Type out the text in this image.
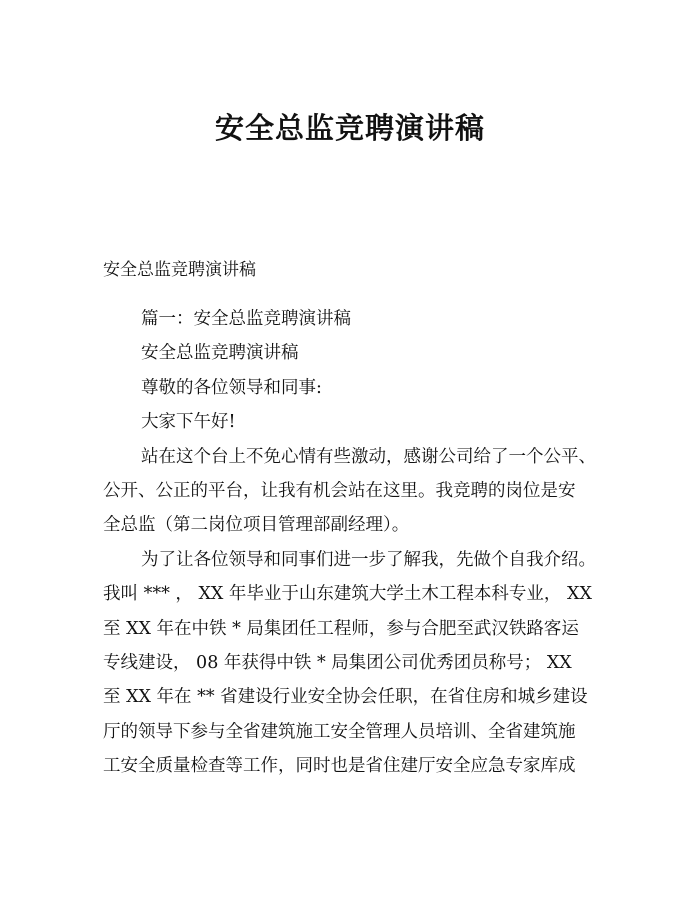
安全总监竞聘演讲稿
安全总监竞聘演讲稿
篇一：安全总监竞聘演讲稿
安全总监竞聘演讲稿
尊敬的各位领导和同事:
大家下午好!
站在这个台上不免心情有些激动，感谢公司给了一个公平、
公开、公正的平台，让我有机会站在这里。我竞聘的岗位是安
全总监（第二岗位项目管理部副经理）。
为了让各位领导和同事们进一步了解我，先做个自我介绍。
我叫 *** ， XX 年毕业于山东建筑大学土木工程本科专业， XX
至 XX 年在中铁 * 局集团任工程师，参与合肥至武汉铁路客运
专线建设， 08 年获得中铁 * 局集团公司优秀团员称号； XX
至 XX 年在 ** 省建设行业安全协会任职，在省住房和城乡建设
厅的领导下参与全省建筑施工安全管理人员培训、全省建筑施
工安全质量检查等工作，同时也是省住建厅安全应急专家库成
